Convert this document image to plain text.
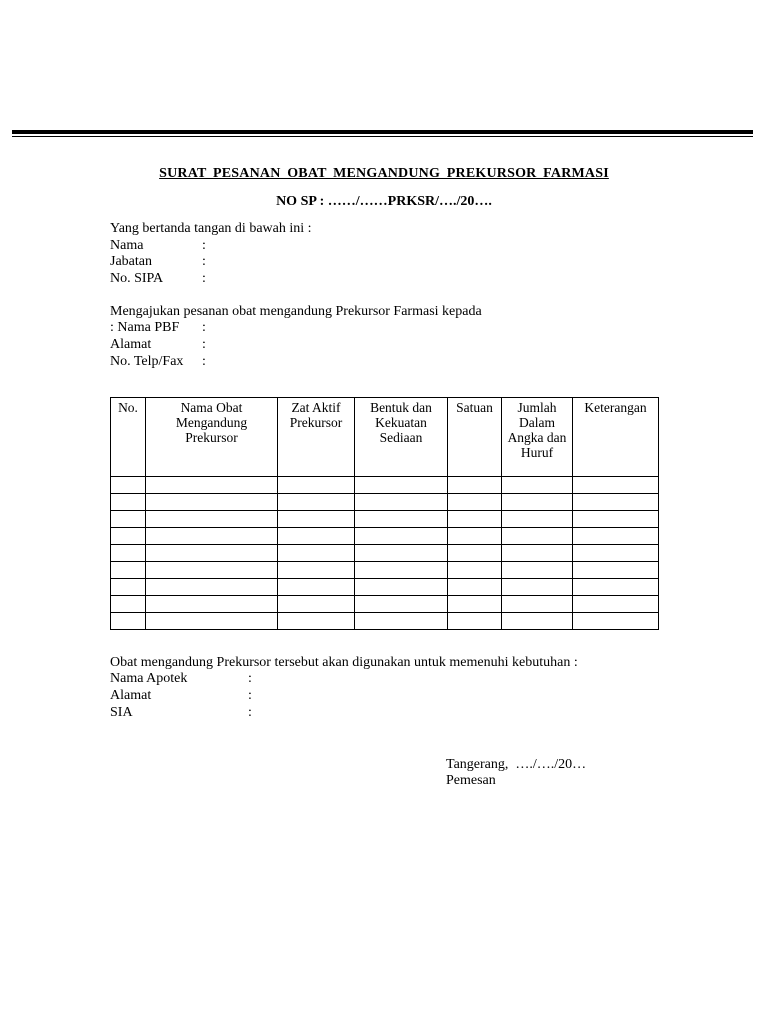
SURAT PESANAN OBAT MENGANDUNG PREKURSOR FARMASI
NO SP : ……/……PRKSR/…./20….
Yang bertanda tangan di bawah ini :
Nama	:
Jabatan	:
No. SIPA	:
Mengajukan pesanan obat mengandung Prekursor Farmasi kepada
: Nama PBF :
Alamat	:
No. Telp/Fax :
No.	Nama Obat Mengandung Prekursor	Zat Aktif Prekursor	Bentuk dan Kekuatan Sediaan	Satuan	Jumlah Dalam Angka dan Huruf	Keterangan

Obat mengandung Prekursor tersebut akan digunakan untuk memenuhi kebutuhan :
Nama Apotek	:
Alamat	:
SIA	:
Tangerang,  …./…./20…
Pemesan
